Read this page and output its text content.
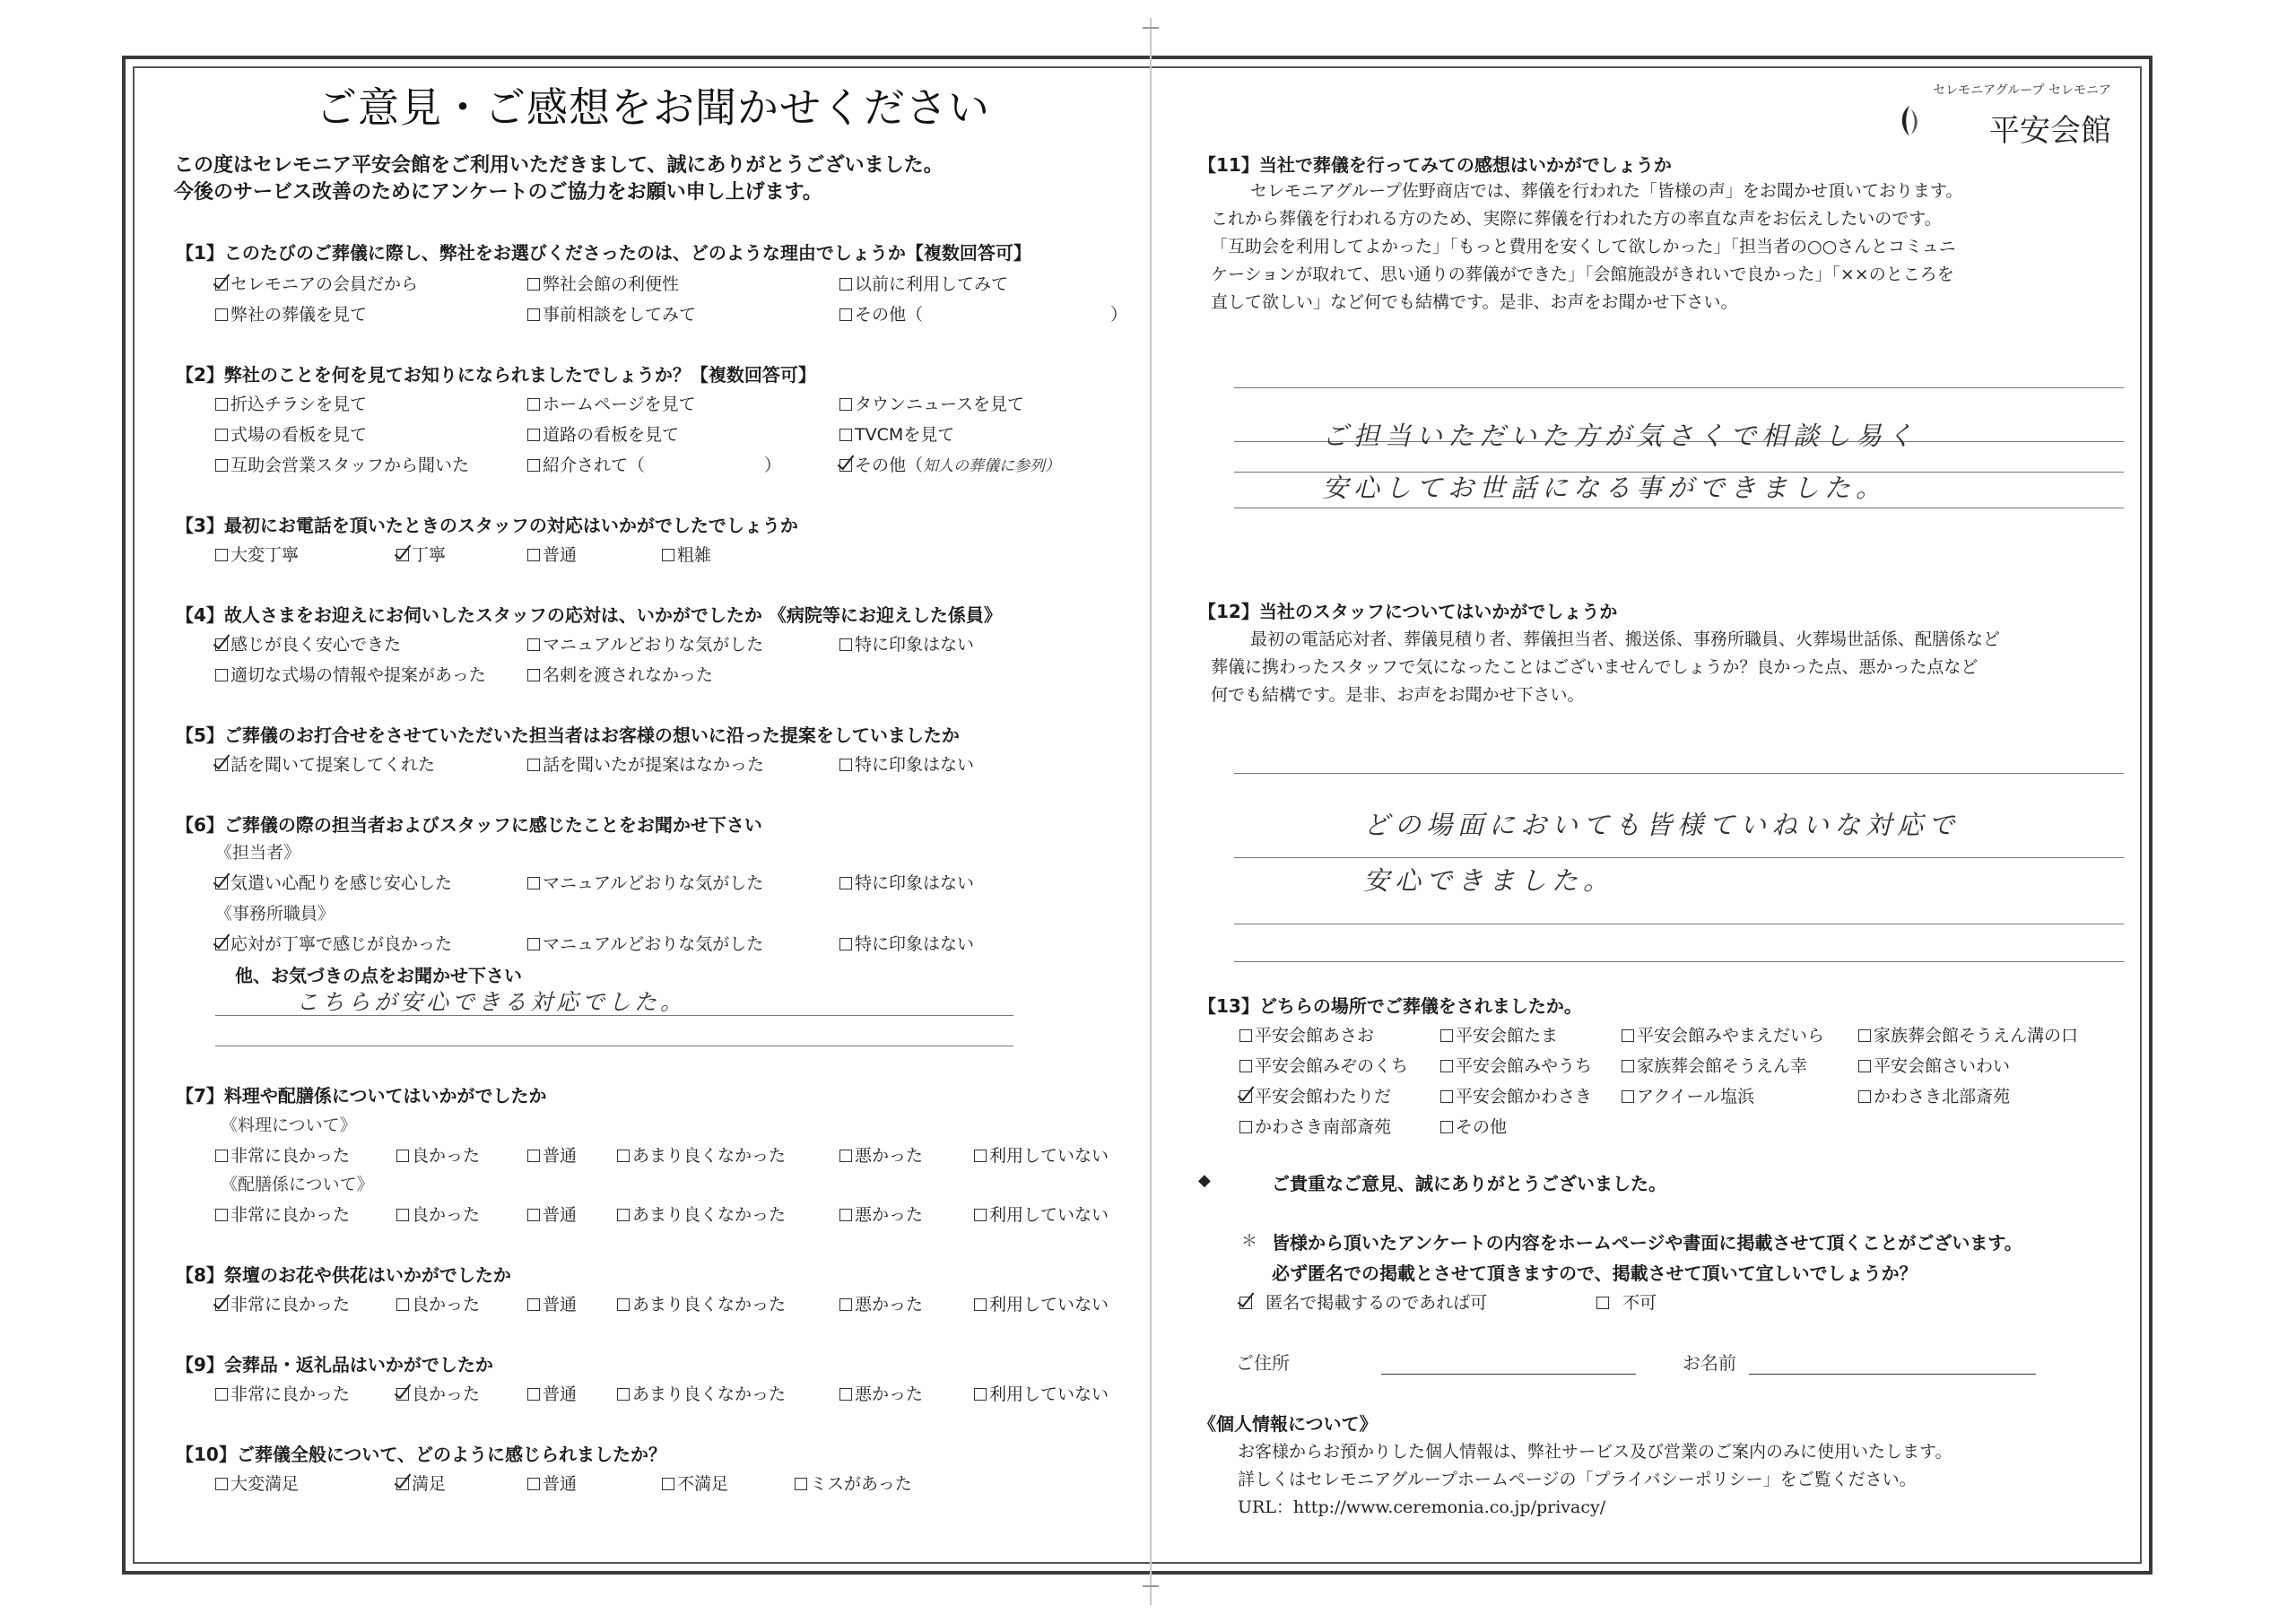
ご意見・ご感想をお聞かせください
この度はセレモニア平安会館をご利用いただきまして、誠にありがとうございました。
今後のサービス改善のためにアンケートのご協力をお願い申し上げます。
セレモニアグループ セレモニア
平安会館
【1】このたびのご葬儀に際し、弊社をお選びくださったのは、どのような理由でしょうか【複数回答可】
セレモニアの会員だから	弊社会館の利便性	以前に利用してみて
弊社の葬儀を見て	事前相談をしてみて	その他（　　　　　　　　　　　）
【2】弊社のことを何を見てお知りになられましたでしょうか？【複数回答可】
折込チラシを見て	ホームページを見て	タウンニュースを見て
式場の看板を見て	道路の看板を見て	TVCMを見て
互助会営業スタッフから聞いた	紹介されて（　　　　　　　）	その他（知人の葬儀に参列）
【3】最初にお電話を頂いたときのスタッフの対応はいかがでしたでしょうか
大変丁寧	丁寧	普通	粗雑
【4】故人さまをお迎えにお伺いしたスタッフの応対は、いかがでしたか 《病院等にお迎えした係員》
感じが良く安心できた	マニュアルどおりな気がした	特に印象はない
適切な式場の情報や提案があった	名刺を渡されなかった
【5】ご葬儀のお打合せをさせていただいた担当者はお客様の想いに沿った提案をしていましたか
話を聞いて提案してくれた	話を聞いたが提案はなかった	特に印象はない
【6】ご葬儀の際の担当者およびスタッフに感じたことをお聞かせ下さい
《担当者》
気遣い心配りを感じ安心した	マニュアルどおりな気がした	特に印象はない
《事務所職員》
応対が丁寧で感じが良かった	マニュアルどおりな気がした	特に印象はない
他、お気づきの点をお聞かせ下さい
こちらが安心できる対応でした。
【7】料理や配膳係についてはいかがでしたか
《料理について》
非常に良かった	良かった	普通	あまり良くなかった	悪かった	利用していない
《配膳係について》
非常に良かった	良かった	普通	あまり良くなかった	悪かった	利用していない
【8】祭壇のお花や供花はいかがでしたか
非常に良かった	良かった	普通	あまり良くなかった	悪かった	利用していない
【9】会葬品・返礼品はいかがでしたか
非常に良かった	良かった	普通	あまり良くなかった	悪かった	利用していない
【10】ご葬儀全般について、どのように感じられましたか？
大変満足	満足	普通	不満足	ミスがあった
【11】当社で葬儀を行ってみての感想はいかがでしょうか
セレモニアグループ佐野商店では、葬儀を行われた「皆様の声」をお聞かせ頂いております。
これから葬儀を行われる方のため、実際に葬儀を行われた方の率直な声をお伝えしたいのです。
「互助会を利用してよかった」「もっと費用を安くして欲しかった」「担当者の○○さんとコミュニ
ケーションが取れて、思い通りの葬儀ができた」「会館施設がきれいで良かった」「××のところを
直して欲しい」など何でも結構です。是非、お声をお聞かせ下さい。
ご担当いただいた方が気さくで相談し易く
安心してお世話になる事ができました。
【12】当社のスタッフについてはいかがでしょうか
最初の電話応対者、葬儀見積り者、葬儀担当者、搬送係、事務所職員、火葬場世話係、配膳係など
葬儀に携わったスタッフで気になったことはございませんでしょうか？良かった点、悪かった点など
何でも結構です。是非、お声をお聞かせ下さい。
どの場面においても皆様ていねいな対応で
安心できました。
【13】どちらの場所でご葬儀をされましたか。
平安会館あさお	平安会館たま	平安会館みやまえだいら	家族葬会館そうえん溝の口
平安会館みぞのくち	平安会館みやうち	家族葬会館そうえん幸	平安会館さいわい
平安会館わたりだ	平安会館かわさき	アクイール塩浜	かわさき北部斎苑
かわさき南部斎苑	その他
◆	ご貴重なご意見、誠にありがとうございました。
＊ 皆様から頂いたアンケートの内容をホームページや書面に掲載させて頂くことがございます。
必ず匿名での掲載とさせて頂きますので、掲載させて頂いて宜しいでしょうか？
匿名で掲載するのであれば可	不可
ご住所	お名前
《個人情報について》
お客様からお預かりした個人情報は、弊社サービス及び営業のご案内のみに使用いたします。
詳しくはセレモニアグループホームページの「プライバシーポリシー」をご覧ください。
URL：http://www.ceremonia.co.jp/privacy/
